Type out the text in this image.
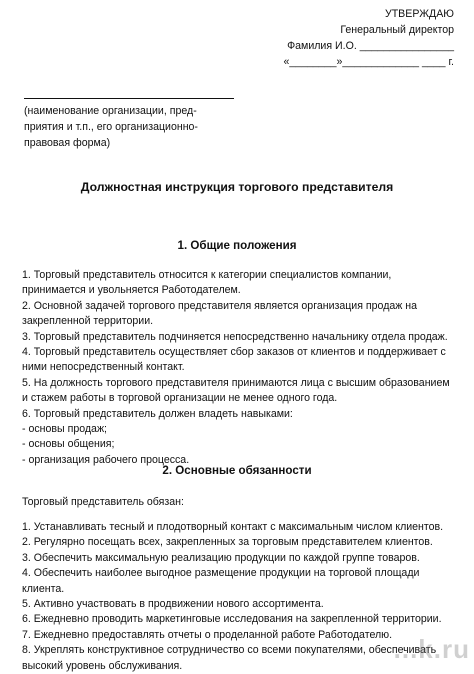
УТВЕРЖДАЮ
Генеральный директор
Фамилия И.О. ________________
«________»_____________ ____ г.
(наименование организации, пред-
приятия и т.п., его организационно-
правовая форма)
Должностная инструкция торгового представителя
1. Общие положения
1. Торговый представитель относится к категории специалистов компании,
принимается и увольняется Работодателем.
2. Основной задачей торгового представителя является организация продаж на
закрепленной территории.
3. Торговый представитель подчиняется непосредственно начальнику отдела продаж.
4. Торговый представитель осуществляет сбор заказов от клиентов и поддерживает с
ними непосредственный контакт.
5. На должность торгового представителя принимаются лица с высшим образованием
и стажем работы в торговой организации не менее одного года.
6. Торговый представитель должен владеть навыками:
- основы продаж;
- основы общения;
- организация рабочего процесса.
2. Основные обязанности
Торговый представитель обязан:
1. Устанавливать тесный и плодотворный контакт с максимальным числом клиентов.
2. Регулярно посещать всех, закрепленных за торговым представителем клиентов.
3. Обеспечить максимальную реализацию продукции по каждой группе товаров.
4. Обеспечить наиболее выгодное размещение продукции на торговой площади
клиента.
5. Активно участвовать в продвижении нового ассортимента.
6. Ежедневно проводить маркетинговые исследования на закрепленной территории.
7. Ежедневно предоставлять отчеты о проделанной работе Работодателю.
8. Укреплять конструктивное сотрудничество со всеми покупателями, обеспечивать
высокий уровень обслуживания.
...k.ru
